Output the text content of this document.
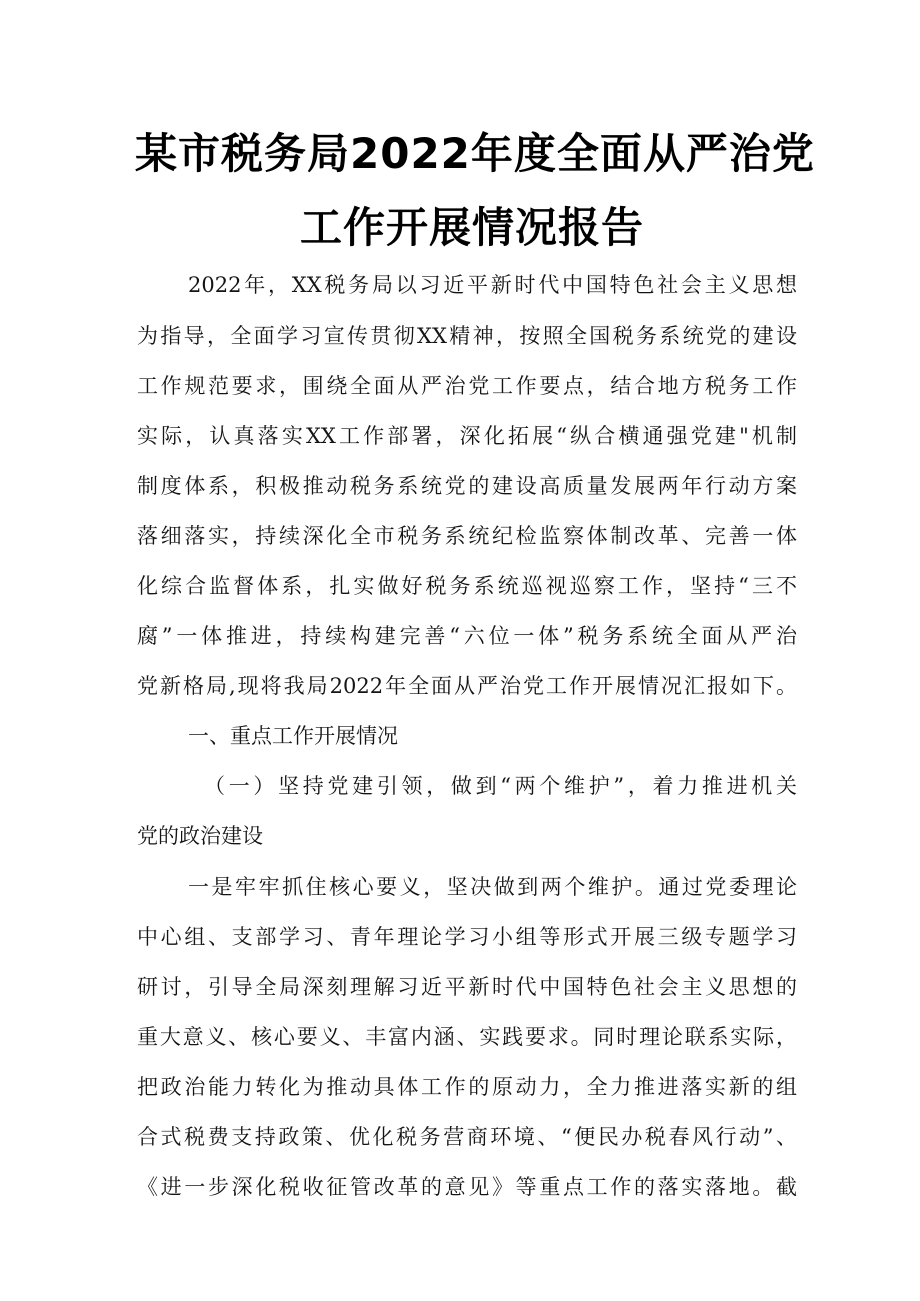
某市税务局2022年度全面从严治党
工作开展情况报告
2022年，XX税务局以习近平新时代中国特色社会主义思想
为指导，全面学习宣传贯彻XX精神，按照全国税务系统党的建设
工作规范要求，围绕全面从严治党工作要点，结合地方税务工作
实际，认真落实XX工作部署，深化拓展“纵合横通强党建"机制
制度体系，积极推动税务系统党的建设高质量发展两年行动方案
落细落实，持续深化全市税务系统纪检监察体制改革、完善一体
化综合监督体系，扎实做好税务系统巡视巡察工作，坚持“三不
腐”一体推进，持续构建完善“六位一体”税务系统全面从严治
党新格局,现将我局2022年全面从严治党工作开展情况汇报如下。
一、重点工作开展情况
（一）坚持党建引领，做到“两个维护”，着力推进机关
党的政治建设
一是牢牢抓住核心要义，坚决做到两个维护。通过党委理论
中心组、支部学习、青年理论学习小组等形式开展三级专题学习
研讨，引导全局深刻理解习近平新时代中国特色社会主义思想的
重大意义、核心要义、丰富内涵、实践要求。同时理论联系实际，
把政治能力转化为推动具体工作的原动力，全力推进落实新的组
合式税费支持政策、优化税务营商环境、“便民办税春风行动”、
《进一步深化税收征管改革的意见》等重点工作的落实落地。截
